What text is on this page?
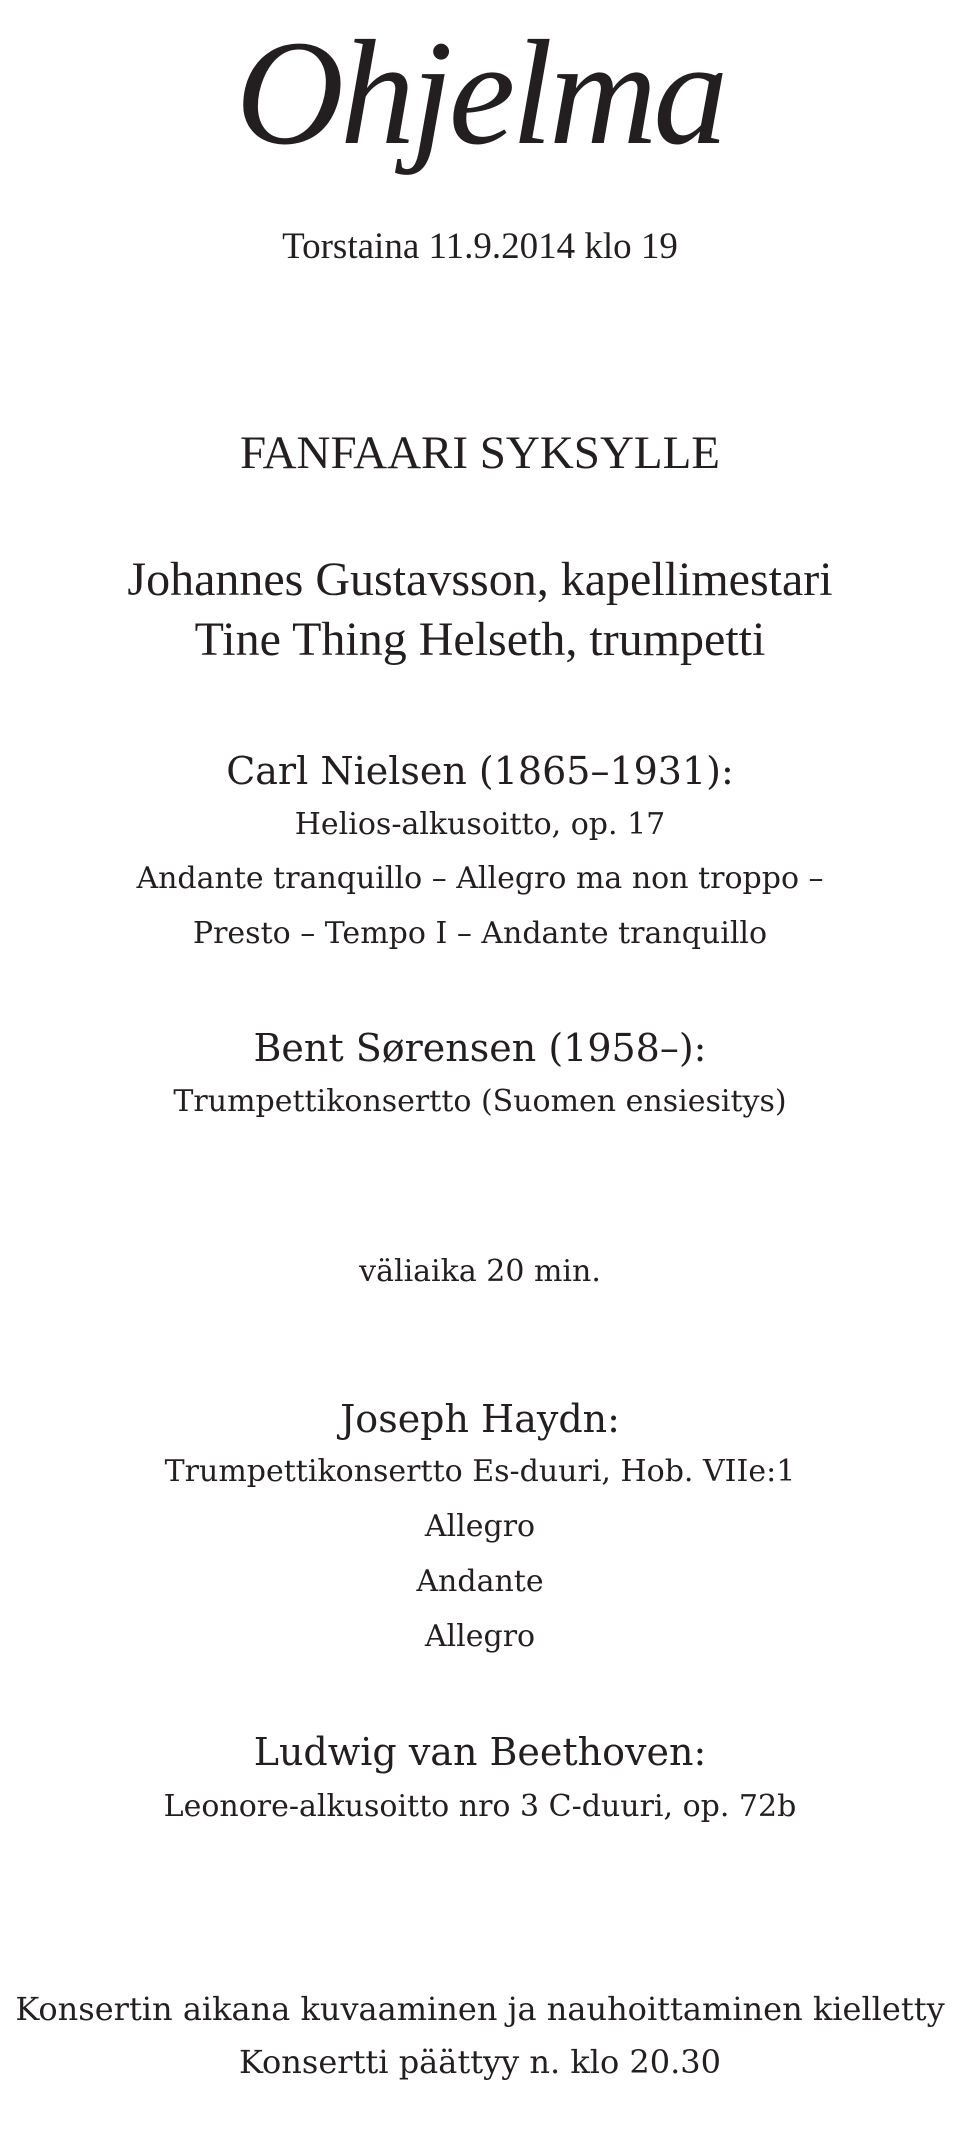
Ohjelma
Torstaina 11.9.2014 klo 19
FANFAARI SYKSYLLE
Johannes Gustavsson, kapellimestari
Tine Thing Helseth, trumpetti
Carl Nielsen (1865–1931):
Helios-alkusoitto, op. 17
Andante tranquillo – Allegro ma non troppo –
Presto – Tempo I – Andante tranquillo
Bent Sørensen (1958–):
Trumpettikonsertto (Suomen ensiesitys)
väliaika 20 min.
Joseph Haydn:
Trumpettikonsertto Es-duuri, Hob. VIIe:1
Allegro
Andante
Allegro
Ludwig van Beethoven:
Leonore-alkusoitto nro 3 C-duuri, op. 72b
Konsertin aikana kuvaaminen ja nauhoittaminen kielletty
Konsertti päättyy n. klo 20.30
